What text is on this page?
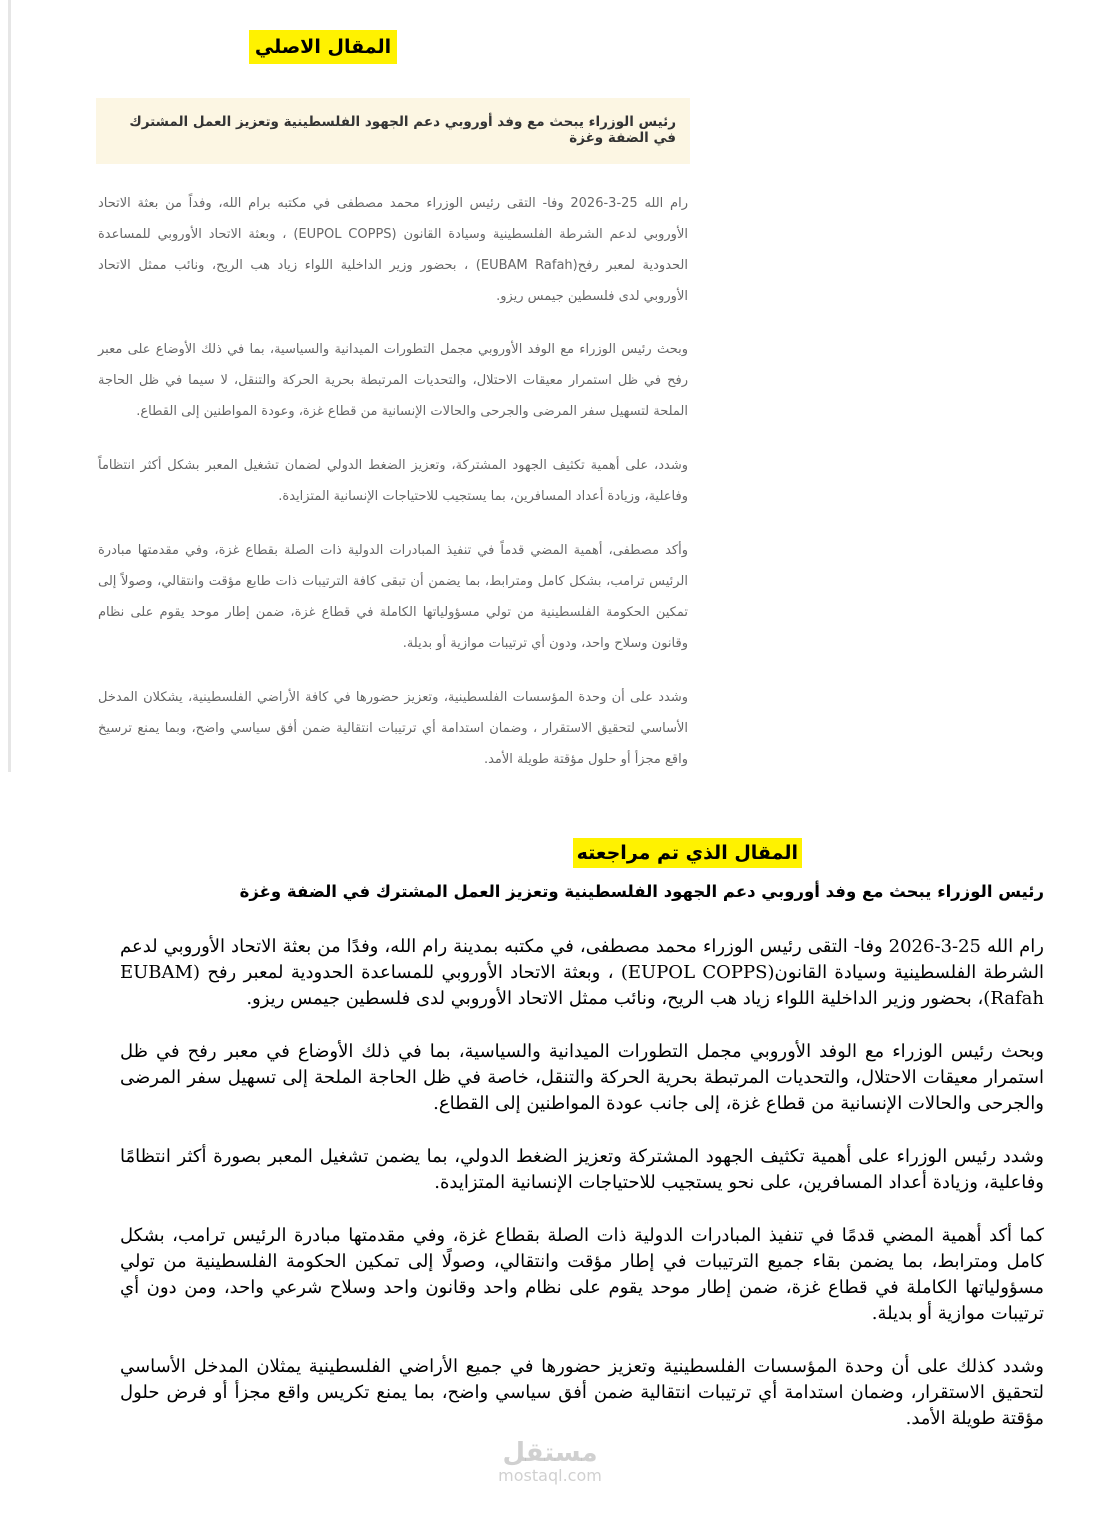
المقال الاصلي
رئيس الوزراء يبحث مع وفد أوروبي دعم الجهود الفلسطينية وتعزيز العمل المشترك في الضفة وغزة

رام الله 25-3-2026 وفا- التقى رئيس الوزراء محمد مصطفى في مكتبه برام الله، وفداً من بعثة الاتحاد الأوروبي لدعم الشرطة الفلسطينية وسيادة القانون (EUPOL COPPS) ، وبعثة الاتحاد الأوروبي للمساعدة الحدودية لمعبر رفح(EUBAM Rafah) ، بحضور وزير الداخلية اللواء زياد هب الريح، ونائب ممثل الاتحاد الأوروبي لدى فلسطين جيمس ريزو.

وبحث رئيس الوزراء مع الوفد الأوروبي مجمل التطورات الميدانية والسياسية، بما في ذلك الأوضاع على معبر رفح في ظل استمرار معيقات الاحتلال، والتحديات المرتبطة بحرية الحركة والتنقل، لا سيما في ظل الحاجة الملحة لتسهيل سفر المرضى والجرحى والحالات الإنسانية من قطاع غزة، وعودة المواطنين إلى القطاع.

وشدد، على أهمية تكثيف الجهود المشتركة، وتعزيز الضغط الدولي لضمان تشغيل المعبر بشكل أكثر انتظاماً وفاعلية، وزيادة أعداد المسافرين، بما يستجيب للاحتياجات الإنسانية المتزايدة.

وأكد مصطفى، أهمية المضي قدماً في تنفيذ المبادرات الدولية ذات الصلة بقطاع غزة، وفي مقدمتها مبادرة الرئيس ترامب، بشكل كامل ومترابط، بما يضمن أن تبقى كافة الترتيبات ذات طابع مؤقت وانتقالي، وصولاً إلى تمكين الحكومة الفلسطينية من تولي مسؤولياتها الكاملة في قطاع غزة، ضمن إطار موحد يقوم على نظام وقانون وسلاح واحد، ودون أي ترتيبات موازية أو بديلة.

وشدد على أن وحدة المؤسسات الفلسطينية، وتعزيز حضورها في كافة الأراضي الفلسطينية، يشكلان المدخل الأساسي لتحقيق الاستقرار ، وضمان استدامة أي ترتيبات انتقالية ضمن أفق سياسي واضح، وبما يمنع ترسيخ واقع مجزأ أو حلول مؤقتة طويلة الأمد.

المقال الذي تم مراجعته
رئيس الوزراء يبحث مع وفد أوروبي دعم الجهود الفلسطينية وتعزيز العمل المشترك في الضفة وغزة

رام الله 25-3-2026 وفا- التقى رئيس الوزراء محمد مصطفى، في مكتبه بمدينة رام الله، وفدًا من بعثة الاتحاد الأوروبي لدعم الشرطة الفلسطينية وسيادة القانون(EUPOL COPPS) ، وبعثة الاتحاد الأوروبي للمساعدة الحدودية لمعبر رفح (EUBAM Rafah)، بحضور وزير الداخلية اللواء زياد هب الريح، ونائب ممثل الاتحاد الأوروبي لدى فلسطين جيمس ريزو.

وبحث رئيس الوزراء مع الوفد الأوروبي مجمل التطورات الميدانية والسياسية، بما في ذلك الأوضاع في معبر رفح في ظل استمرار معيقات الاحتلال، والتحديات المرتبطة بحرية الحركة والتنقل، خاصة في ظل الحاجة الملحة إلى تسهيل سفر المرضى والجرحى والحالات الإنسانية من قطاع غزة، إلى جانب عودة المواطنين إلى القطاع.

وشدد رئيس الوزراء على أهمية تكثيف الجهود المشتركة وتعزيز الضغط الدولي، بما يضمن تشغيل المعبر بصورة أكثر انتظامًا وفاعلية، وزيادة أعداد المسافرين، على نحو يستجيب للاحتياجات الإنسانية المتزايدة.

كما أكد أهمية المضي قدمًا في تنفيذ المبادرات الدولية ذات الصلة بقطاع غزة، وفي مقدمتها مبادرة الرئيس ترامب، بشكل كامل ومترابط، بما يضمن بقاء جميع الترتيبات في إطار مؤقت وانتقالي، وصولًا إلى تمكين الحكومة الفلسطينية من تولي مسؤولياتها الكاملة في قطاع غزة، ضمن إطار موحد يقوم على نظام واحد وقانون واحد وسلاح شرعي واحد، ومن دون أي ترتيبات موازية أو بديلة.

وشدد كذلك على أن وحدة المؤسسات الفلسطينية وتعزيز حضورها في جميع الأراضي الفلسطينية يمثلان المدخل الأساسي لتحقيق الاستقرار، وضمان استدامة أي ترتيبات انتقالية ضمن أفق سياسي واضح، بما يمنع تكريس واقع مجزأ أو فرض حلول مؤقتة طويلة الأمد.

مستقل
mostaql.com
